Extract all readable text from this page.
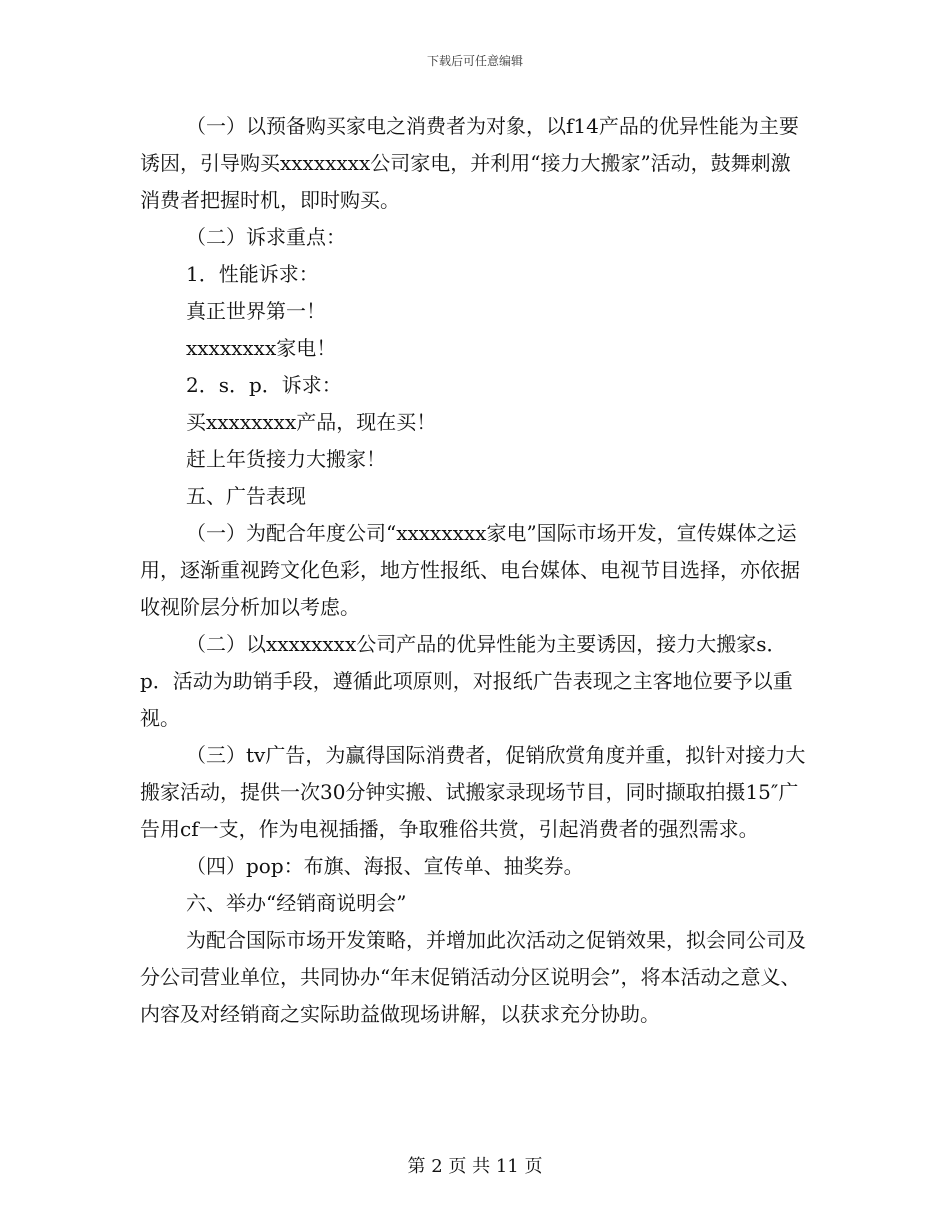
下载后可任意编辑

（一）以预备购买家电之消费者为对象，以f14产品的优异性能为主要诱因，引导购买xxxxxxxx公司家电，并利用“接力大搬家”活动，鼓舞刺激消费者把握时机，即时购买。

（二）诉求重点：

1．性能诉求：

真正世界第一！

xxxxxxxx家电！

2．s．p．诉求：

买xxxxxxxx产品，现在买！

赶上年货接力大搬家！

五、广告表现

（一）为配合年度公司“xxxxxxxx家电”国际市场开发，宣传媒体之运用，逐渐重视跨文化色彩，地方性报纸、电台媒体、电视节目选择，亦依据收视阶层分析加以考虑。

（二）以xxxxxxxx公司产品的优异性能为主要诱因，接力大搬家s．p．活动为助销手段，遵循此项原则，对报纸广告表现之主客地位要予以重视。

（三）tv广告，为赢得国际消费者，促销欣赏角度并重，拟针对接力大搬家活动，提供一次30分钟实搬、试搬家录现场节目，同时撷取拍摄15″广告用cf一支，作为电视插播，争取雅俗共赏，引起消费者的强烈需求。

（四）pop：布旗、海报、宣传单、抽奖券。

六、举办“经销商说明会”

为配合国际市场开发策略，并增加此次活动之促销效果，拟会同公司及分公司营业单位，共同协办“年末促销活动分区说明会”，将本活动之意义、内容及对经销商之实际助益做现场讲解，以获求充分协助。

第 2 页 共 11 页
